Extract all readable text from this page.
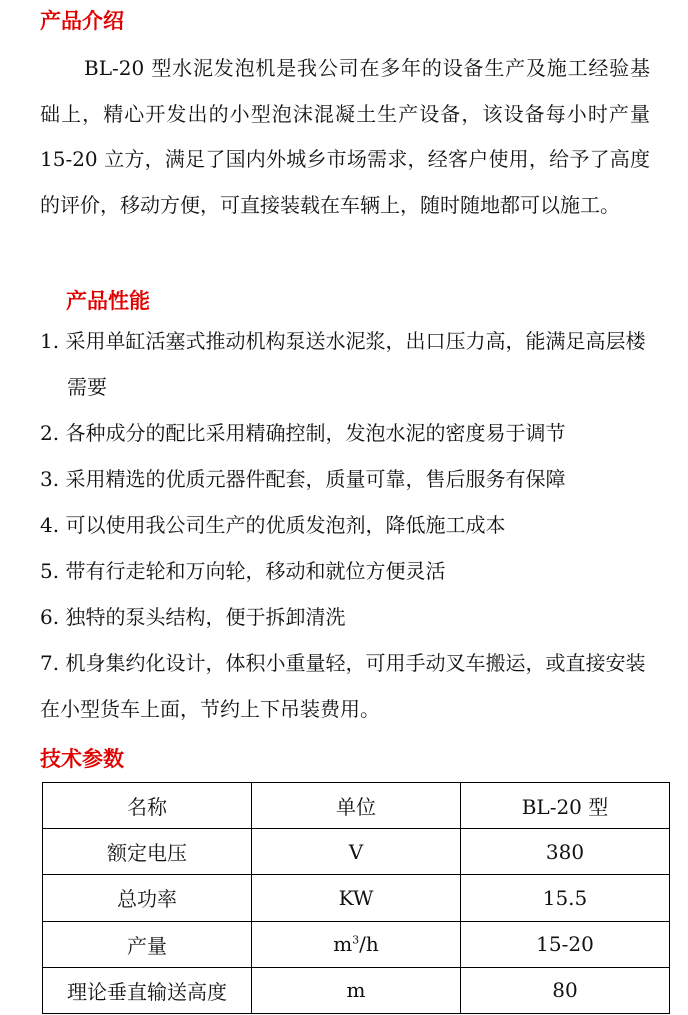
产品介绍

BL-20 型水泥发泡机是我公司在多年的设备生产及施工经验基础上，精心开发出的小型泡沫混凝土生产设备，该设备每小时产量 15-20 立方，满足了国内外城乡市场需求，经客户使用，给予了高度的评价，移动方便，可直接装载在车辆上，随时随地都可以施工。

产品性能
1. 采用单缸活塞式推动机构泵送水泥浆，出口压力高，能满足高层楼需要
2. 各种成分的配比采用精确控制，发泡水泥的密度易于调节
3. 采用精选的优质元器件配套，质量可靠，售后服务有保障
4. 可以使用我公司生产的优质发泡剂，降低施工成本
5. 带有行走轮和万向轮，移动和就位方便灵活
6. 独特的泵头结构，便于拆卸清洗
7. 机身集约化设计，体积小重量轻，可用手动叉车搬运，或直接安装在小型货车上面，节约上下吊装费用。
技术参数
名称	单位	BL-20 型
额定电压	V	380
总功率	KW	15.5
产量	$m^3/h$	15-20
理论垂直输送高度	m	80
